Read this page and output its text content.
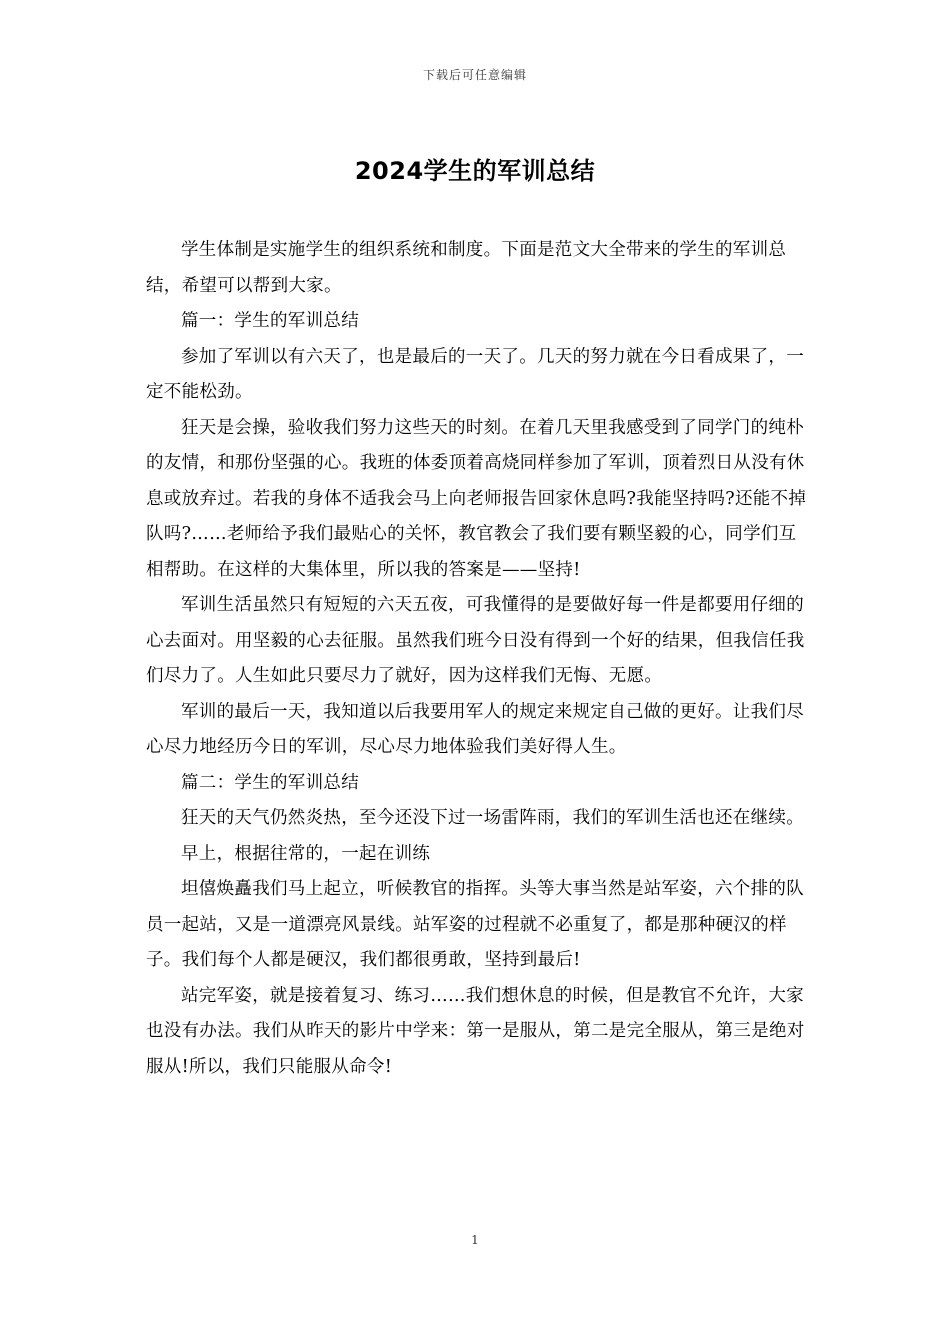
下载后可任意编辑
2024学生的军训总结

学生体制是实施学生的组织系统和制度。下面是范文大全带来的学生的军训总结，希望可以帮到大家。

篇一：学生的军训总结

参加了军训以有六天了，也是最后的一天了。几天的努力就在今日看成果了，一定不能松劲。

狂天是会操，验收我们努力这些天的时刻。在着几天里我感受到了同学门的纯朴的友情，和那份坚强的心。我班的体委顶着高烧同样参加了军训，顶着烈日从没有休息或放弃过。若我的身体不适我会马上向老师报告回家休息吗?我能坚持吗?还能不掉队吗?……老师给予我们最贴心的关怀，教官教会了我们要有颗坚毅的心，同学们互相帮助。在这样的大集体里，所以我的答案是——坚持!

军训生活虽然只有短短的六天五夜，可我懂得的是要做好每一件是都要用仔细的心去面对。用坚毅的心去征服。虽然我们班今日没有得到一个好的结果，但我信任我们尽力了。人生如此只要尽力了就好，因为这样我们无悔、无愿。

军训的最后一天，我知道以后我要用军人的规定来规定自己做的更好。让我们尽心尽力地经历今日的军训，尽心尽力地体验我们美好得人生。

篇二：学生的军训总结

狂天的天气仍然炎热，至今还没下过一场雷阵雨，我们的军训生活也还在继续。

早上，根据往常的，一起在训练

坦僖焕矗我们马上起立，听候教官的指挥。头等大事当然是站军姿，六个排的队员一起站，又是一道漂亮风景线。站军姿的过程就不必重复了，都是那种硬汉的样子。我们每个人都是硬汉，我们都很勇敢，坚持到最后!

站完军姿，就是接着复习、练习……我们想休息的时候，但是教官不允许，大家也没有办法。我们从昨天的影片中学来：第一是服从，第二是完全服从，第三是绝对服从!所以，我们只能服从命令!

1
